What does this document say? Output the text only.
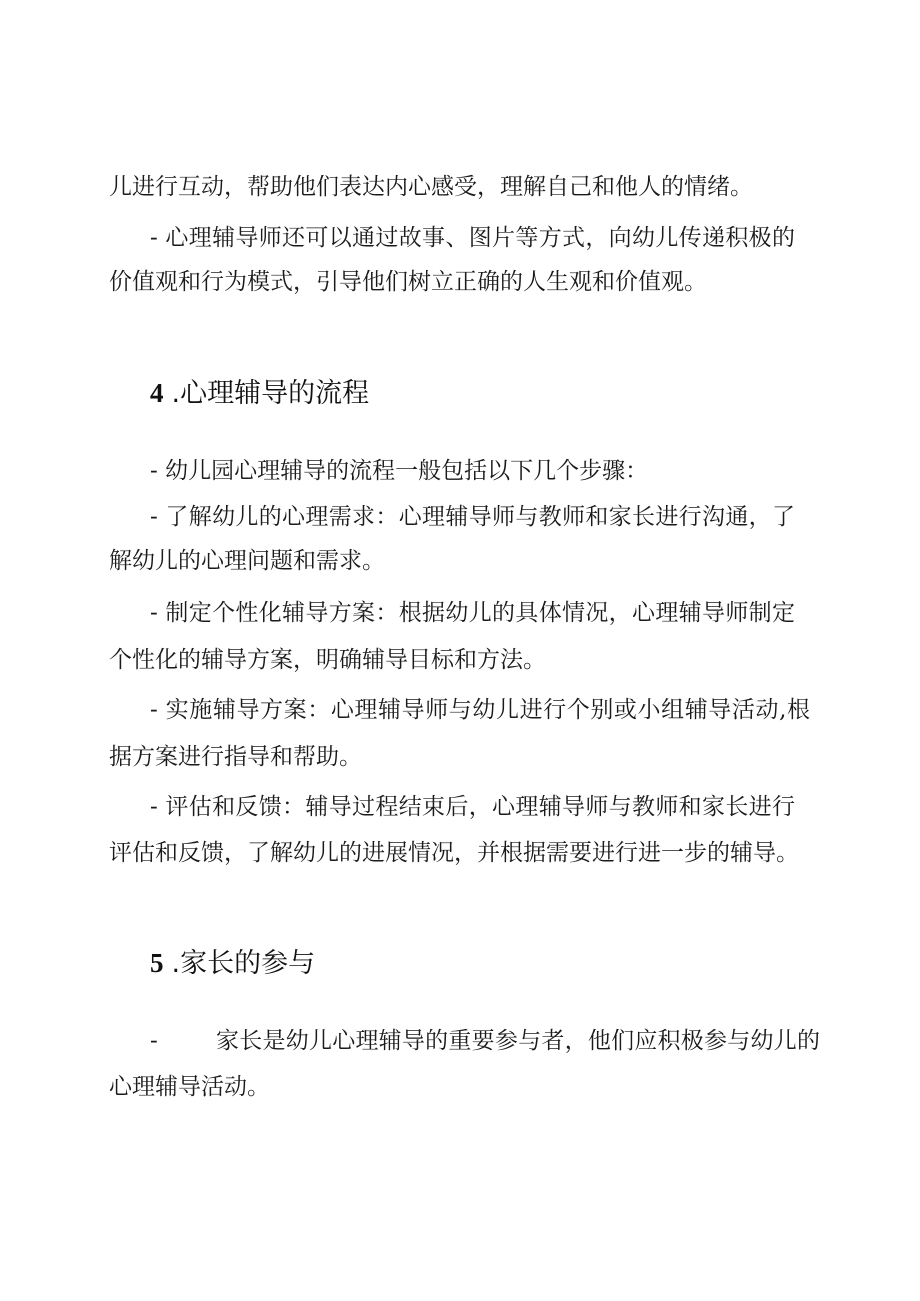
儿进行互动，帮助他们表达内心感受，理解自己和他人的情绪。
- 心理辅导师还可以通过故事、图片等方式，向幼儿传递积极的
价值观和行为模式，引导他们树立正确的人生观和价值观。
4 .心理辅导的流程
- 幼儿园心理辅导的流程一般包括以下几个步骤：
- 了解幼儿的心理需求：心理辅导师与教师和家长进行沟通，了
解幼儿的心理问题和需求。
- 制定个性化辅导方案：根据幼儿的具体情况，心理辅导师制定
个性化的辅导方案，明确辅导目标和方法。
- 实施辅导方案：心理辅导师与幼儿进行个别或小组辅导活动,根
据方案进行指导和帮助。
- 评估和反馈：辅导过程结束后，心理辅导师与教师和家长进行
评估和反馈，了解幼儿的进展情况，并根据需要进行进一步的辅导。
5 .家长的参与
-	家长是幼儿心理辅导的重要参与者，他们应积极参与幼儿的
心理辅导活动。
